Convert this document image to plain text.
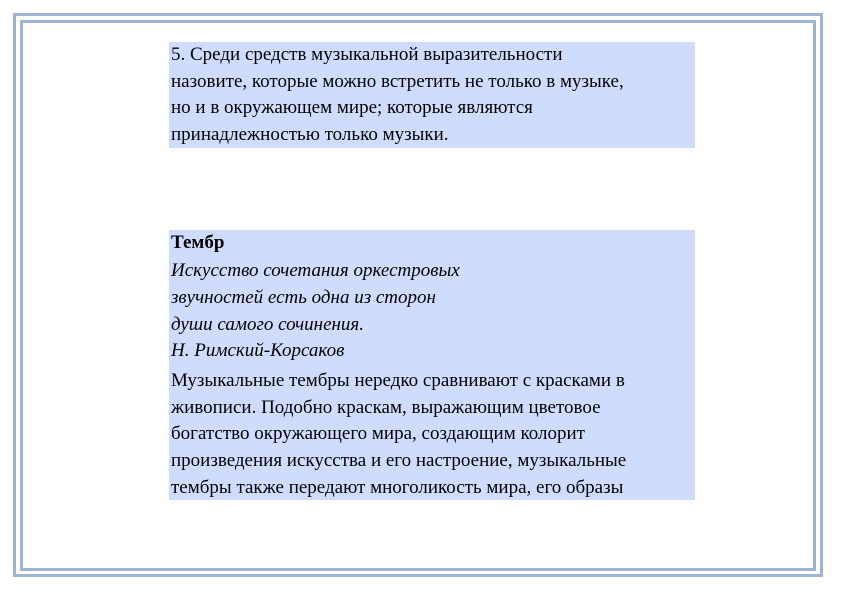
5. Среди средств музыкальной выразительности
назовите, которые можно встретить не только в музыке,
но и в окружающем мире; которые являются
принадлежностью только музыки.
Тембр
Искусство сочетания оркестровых
звучностей есть одна из сторон
души самого сочинения.
Н. Римский-Корсаков
Музыкальные тембры нередко сравнивают с красками в
живописи. Подобно краскам, выражающим цветовое
богатство окружающего мира, создающим колорит
произведения искусства и его настроение, музыкальные
тембры также передают многоликость мира, его образы
